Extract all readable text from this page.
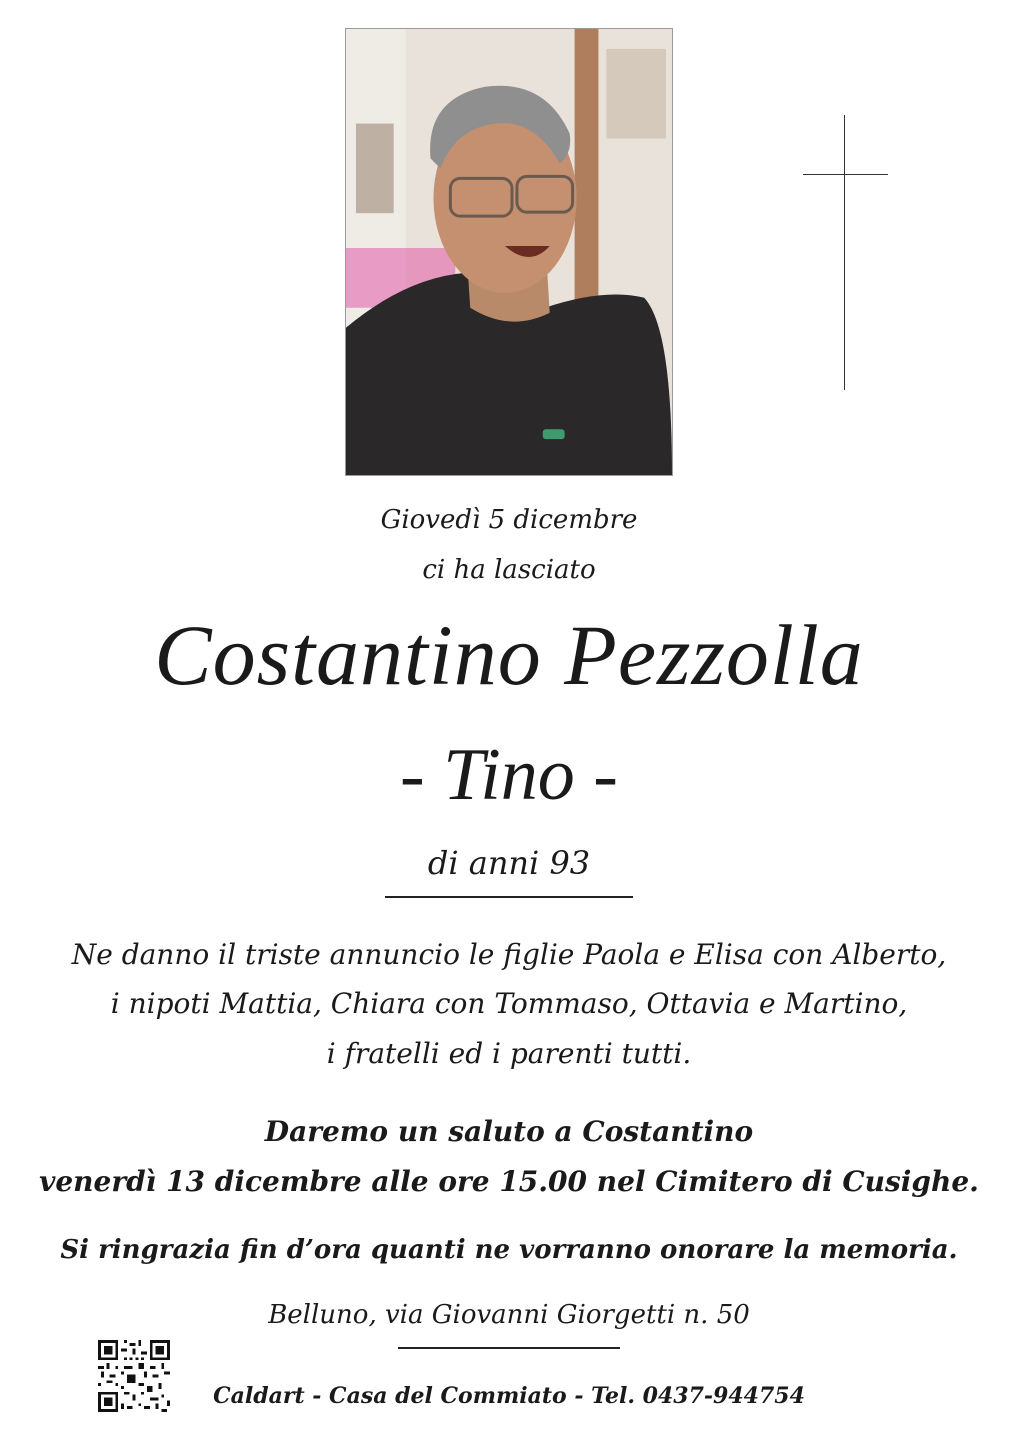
Giovedì 5 dicembre
ci ha lasciato
Costantino Pezzolla
- Tino -
di anni 93
Ne danno il triste annuncio le figlie Paola e Elisa con Alberto,
i nipoti Mattia, Chiara con Tommaso, Ottavia e Martino,
i fratelli ed i parenti tutti.
Daremo un saluto a Costantino
venerdì 13 dicembre alle ore 15.00 nel Cimitero di Cusighe.
Si ringrazia fin d’ora quanti ne vorranno onorare la memoria.
Belluno, via Giovanni Giorgetti n. 50
Caldart - Casa del Commiato - Tel. 0437-944754
